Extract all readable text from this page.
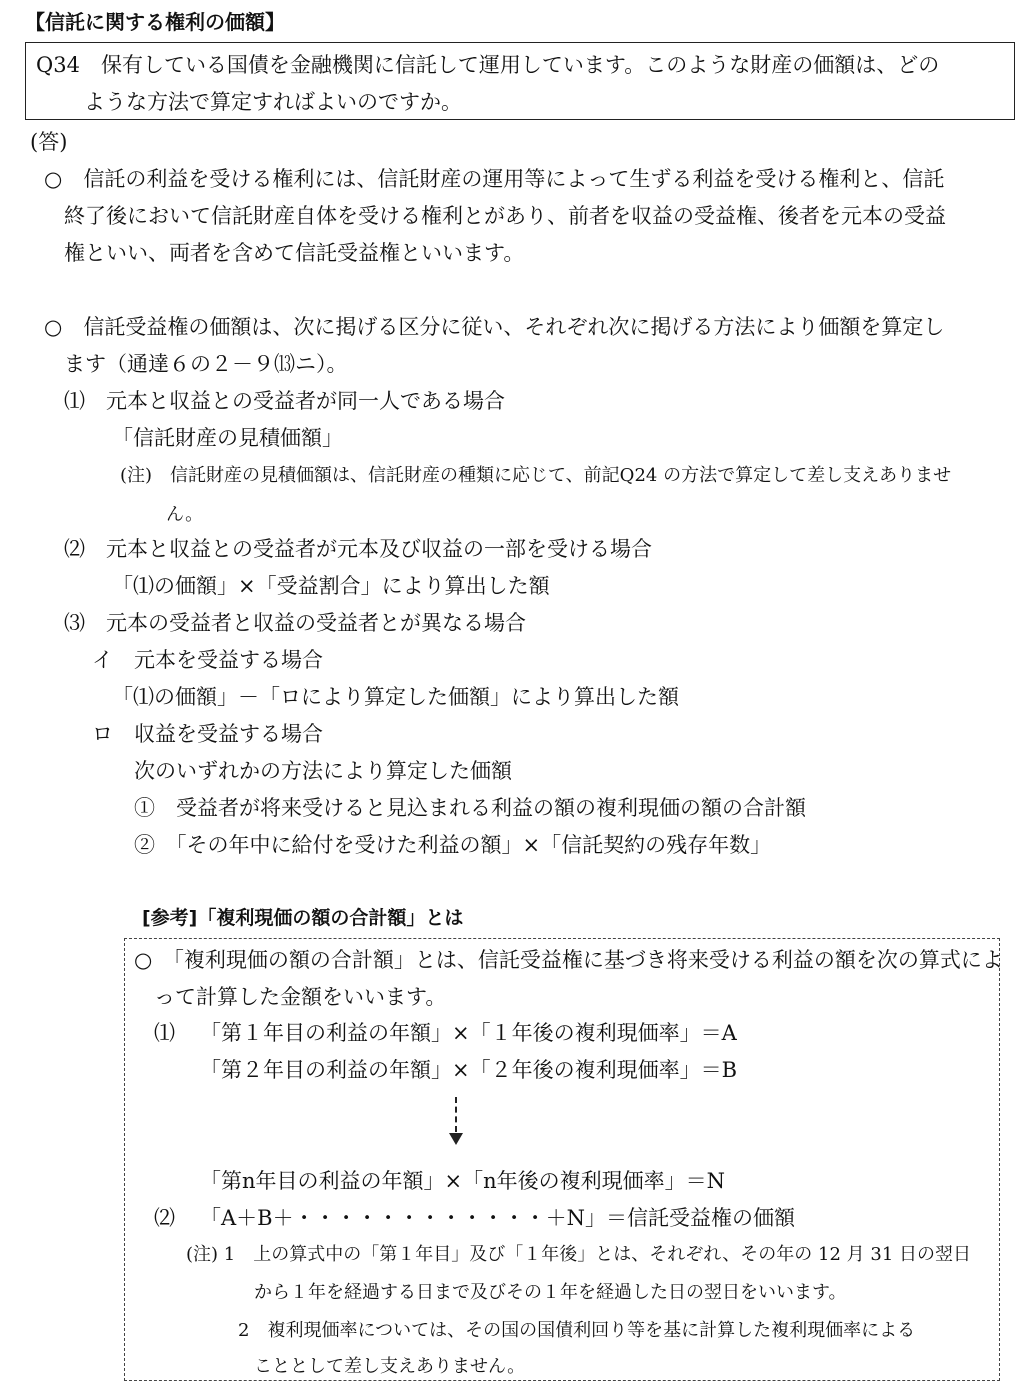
【信託に関する権利の価額】
Q34　保有している国債を金融機関に信託して運用しています。このような財産の価額は、どの
ような方法で算定すればよいのですか。
(答)
○　信託の利益を受ける権利には、信託財産の運用等によって生ずる利益を受ける権利と、信託
終了後において信託財産自体を受ける権利とがあり、前者を収益の受益権、後者を元本の受益
権といい、両者を含めて信託受益権といいます。
○　信託受益権の価額は、次に掲げる区分に従い、それぞれ次に掲げる方法により価額を算定し
ます（通達６の２－９⒀ニ）。
⑴　元本と収益との受益者が同一人である場合
「信託財産の見積価額」
(注)　信託財産の見積価額は、信託財産の種類に応じて、前記Q24 の方法で算定して差し支えありませ
ん。
⑵　元本と収益との受益者が元本及び収益の一部を受ける場合
「⑴の価額」×「受益割合」により算出した額
⑶　元本の受益者と収益の受益者とが異なる場合
イ　元本を受益する場合
「⑴の価額」－「ロにより算定した価額」により算出した額
ロ　収益を受益する場合
次のいずれかの方法により算定した価額
①　受益者が将来受けると見込まれる利益の額の複利現価の額の合計額
②　「その年中に給付を受けた利益の額」×「信託契約の残存年数」
[参考]「複利現価の額の合計額」とは
○　「複利現価の額の合計額」とは、信託受益権に基づき将来受ける利益の額を次の算式によ
って計算した金額をいいます。
⑴ 「第１年目の利益の年額」×「１年後の複利現価率」＝A
「第２年目の利益の年額」×「２年後の複利現価率」＝B
「第n年目の利益の年額」×「n年後の複利現価率」＝N
⑵ 「A＋B＋・・・・・・・・・・・・＋N」＝信託受益権の価額
(注) 1　上の算式中の「第１年目」及び「１年後」とは、それぞれ、その年の 12 月 31 日の翌日
から１年を経過する日まで及びその１年を経過した日の翌日をいいます。
2　複利現価率については、その国の国債利回り等を基に計算した複利現価率による
こととして差し支えありません。
